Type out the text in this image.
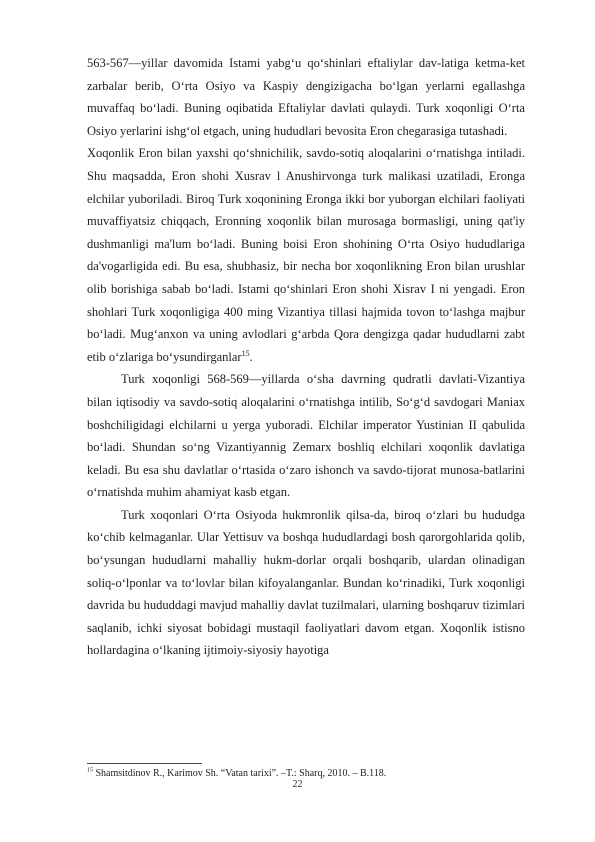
563-567—yillar davomida Istami yabg‘u qo‘shinlari eftaliylar dav-latiga ketma-ket zarbalar berib, O‘rta Osiyo va Kaspiy dengizigacha bo‘lgan yerlarni egallashga muvaffaq bo‘ladi. Buning oqibatida Eftaliylar davlati qulaydi. Turk xoqonligi O‘rta Osiyo yerlarini ishg‘ol etgach, uning hududlari bevosita Eron chegarasiga tutashadi.

Xoqonlik Eron bilan yaxshi qo‘shnichilik, savdo-sotiq aloqalarini o‘rnatishga intiladi. Shu maqsadda, Eron shohi Xusrav l Anushirvonga turk malikasi uzatiladi, Eronga elchilar yuboriladi. Biroq Turk xoqonining Eronga ikki bor yuborgan elchilari faoliyati muvaffiyatsiz chiqqach, Eronning xoqonlik bilan murosaga bormasligi, uning qat'iy dushmanligi ma'lum bo‘ladi. Buning boisi Eron shohining O‘rta Osiyo hududlariga da'vogarligida edi. Bu esa, shubhasiz, bir necha bor xoqonlikning Eron bilan urushlar olib borishiga sabab bo‘ladi. Istami qo‘shinlari Eron shohi Xisrav I ni yengadi. Eron shohlari Turk xoqonligiga 400 ming Vizantiya tillasi hajmida tovon to‘lashga majbur bo‘ladi. Mug‘anxon va uning avlodlari g‘arbda Qora dengizga qadar hududlarni zabt etib o‘zlariga bo‘ysundirganlar$^{15}$.

Turk xoqonligi 568-569—yillarda o‘sha davrning qudratli davlati-Vizantiya bilan iqtisodiy va savdo-sotiq aloqalarini o‘rnatishga intilib, So‘g‘d savdogari Maniax boshchiligidagi elchilarni u yerga yuboradi. Elchilar imperator Yustinian II qabulida bo‘ladi. Shundan so‘ng Vizantiyannig Zemarx boshliq elchilari xoqonlik davlatiga keladi. Bu esa shu davlatlar o‘rtasida o‘zaro ishonch va savdo-tijorat munosa-batlarini o‘rnatishda muhim ahamiyat kasb etgan.

Turk xoqonlari O‘rta Osiyoda hukmronlik qilsa-da, biroq o‘zlari bu hududga ko‘chib kelmaganlar. Ular Yettisuv va boshqa hududlardagi bosh qarorgohlarida qolib, bo‘ysungan hududlarni mahalliy hukm-dorlar orqali boshqarib, ulardan olinadigan soliq-o‘lponlar va to‘lovlar bilan kifoyalanganlar. Bundan ko‘rinadiki, Turk xoqonligi davrida bu hududdagi mavjud mahalliy davlat tuzilmalari, ularning boshqaruv tizimlari saqlanib, ichki siyosat bobidagi mustaqil faoliyatlari davom etgan. Xoqonlik istisno hollardagina o‘lkaning ijtimoiy-siyosiy hayotiga

$^{15}$ Shamsitdinov R., Karimov Sh. “Vatan tarixi”. –T.: Sharq, 2010. – B.118.

22
